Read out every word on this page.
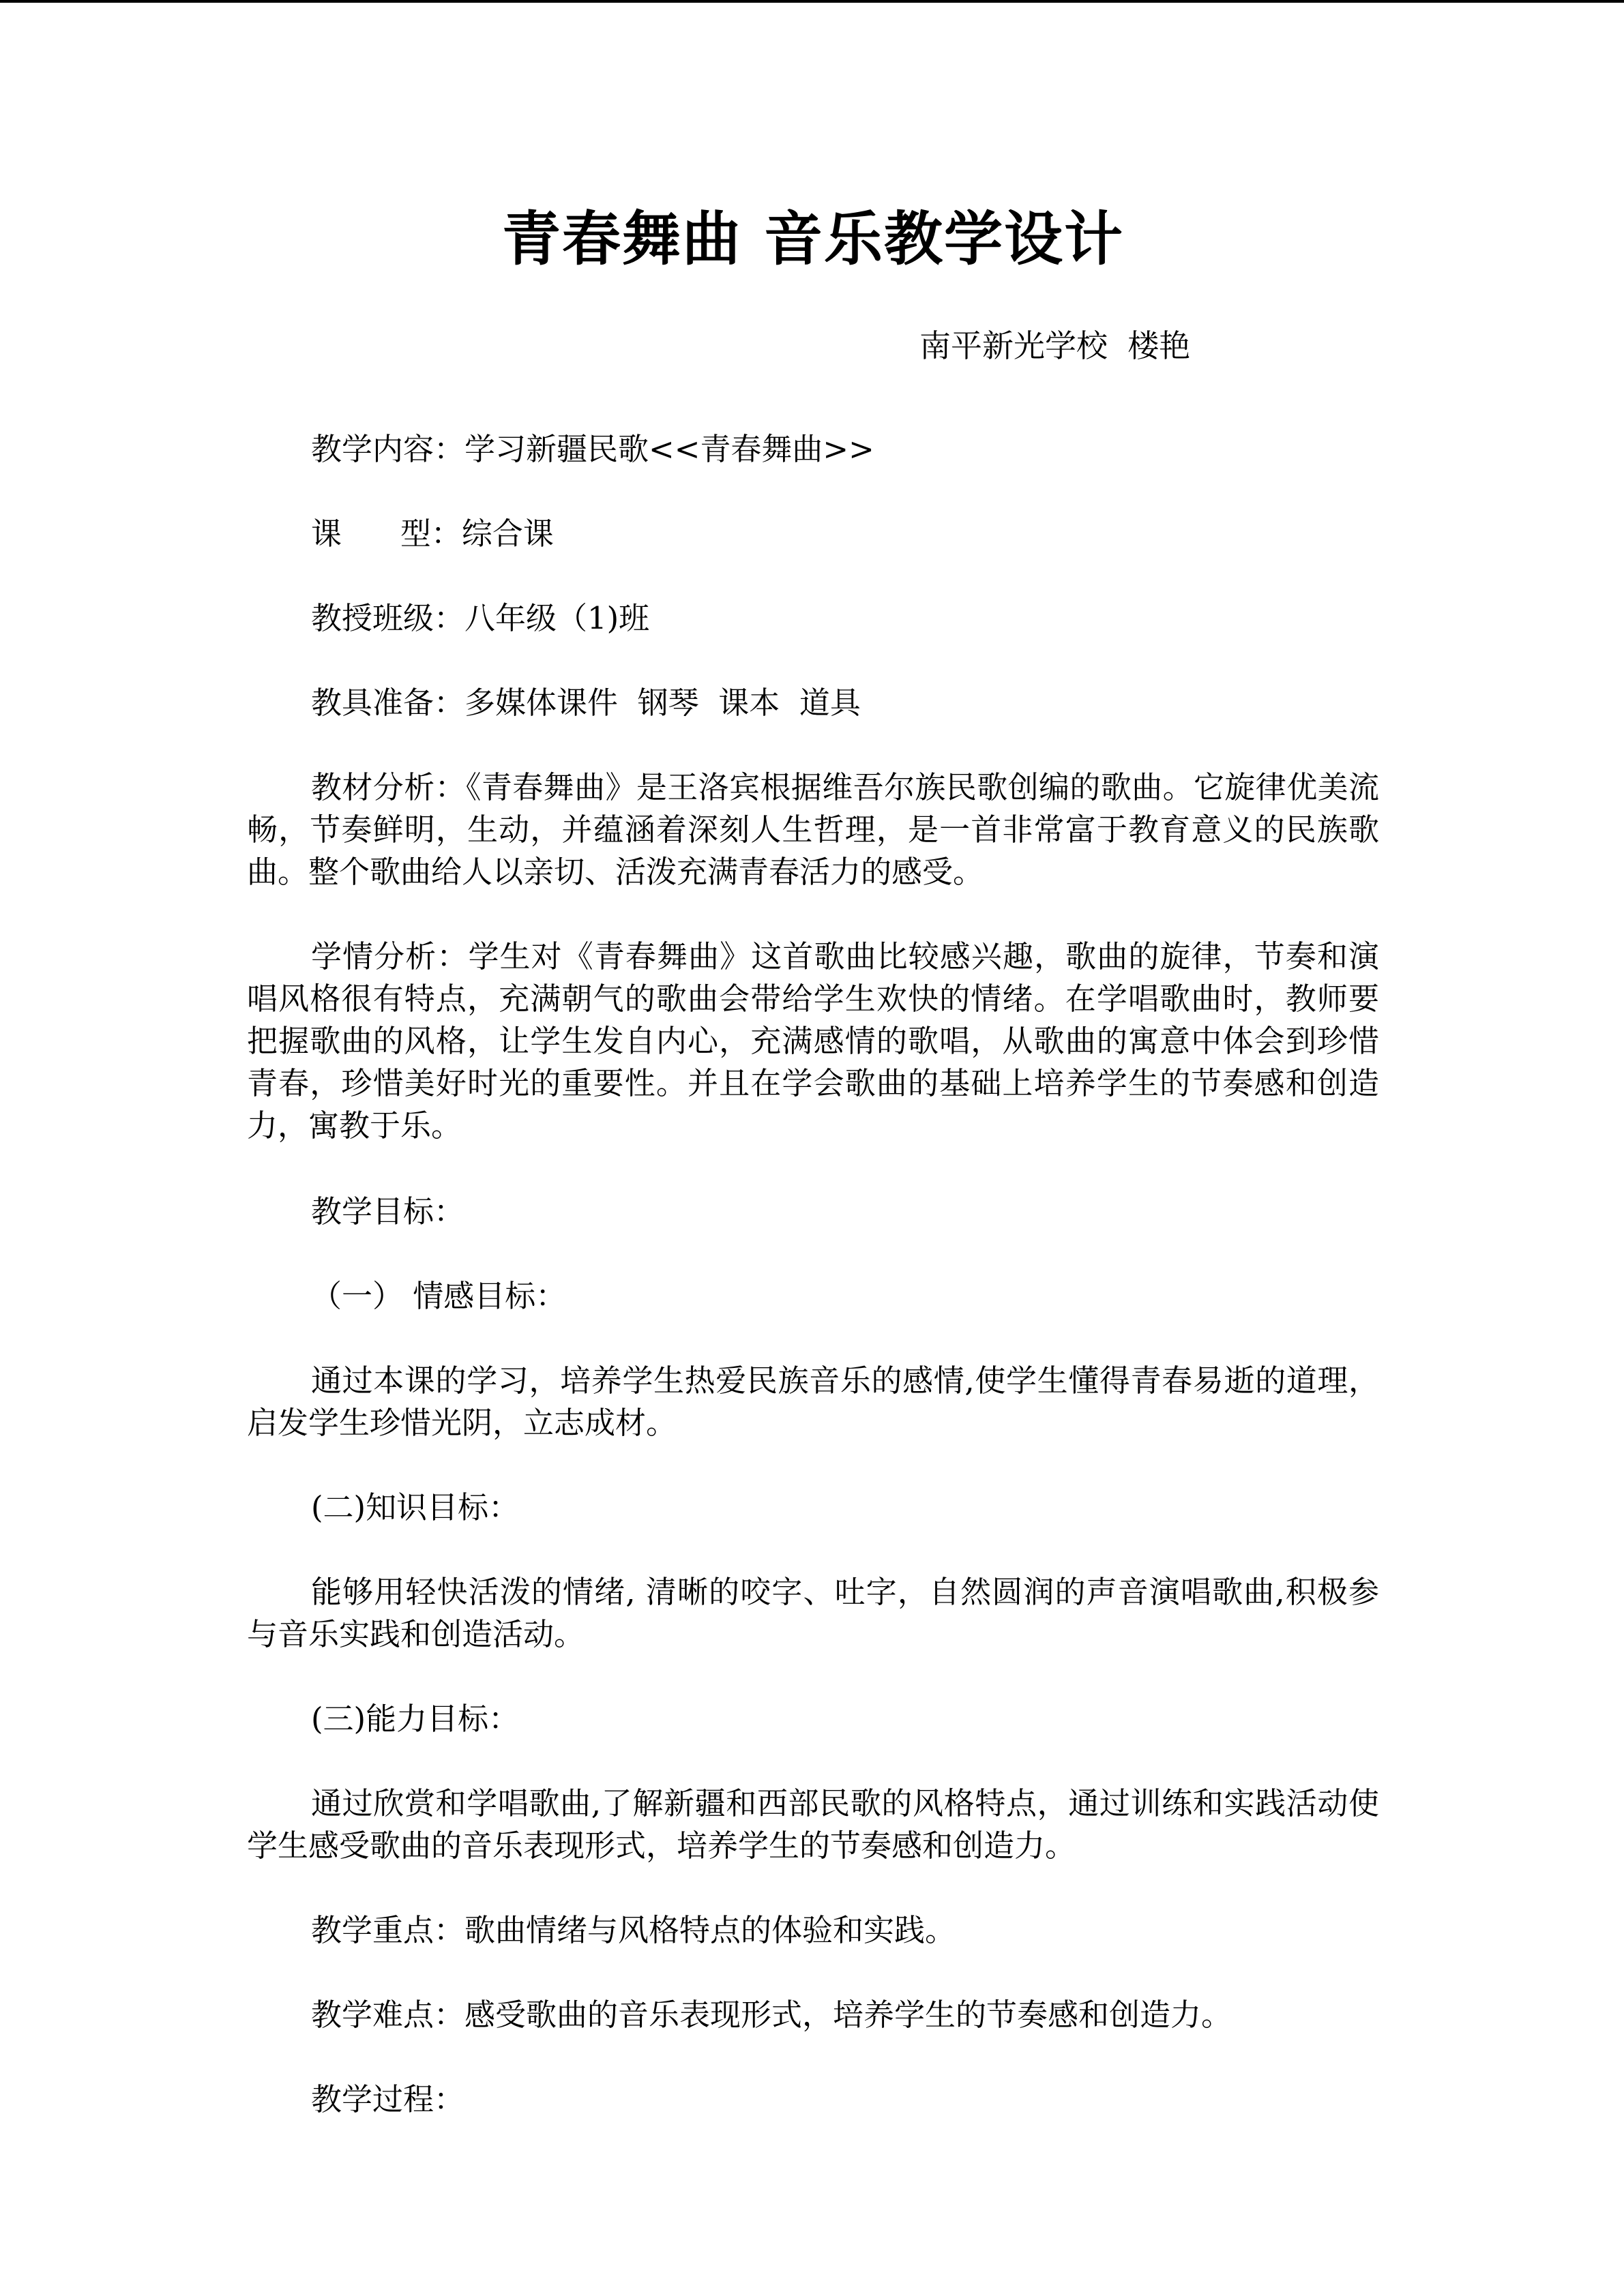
青春舞曲 音乐教学设计
南平新光学校  楼艳

教学内容：学习新疆民歌<<青春舞曲>>

课      型：综合课

教授班级：八年级（1)班

教具准备：多媒体课件  钢琴  课本  道具

教材分析：《青春舞曲》是王洛宾根据维吾尔族民歌创编的歌曲。它旋律优美流畅，节奏鲜明，生动，并蕴涵着深刻人生哲理，是一首非常富于教育意义的民族歌曲。整个歌曲给人以亲切、活泼充满青春活力的感受。

学情分析：学生对《青春舞曲》这首歌曲比较感兴趣，歌曲的旋律，节奏和演唱风格很有特点，充满朝气的歌曲会带给学生欢快的情绪。在学唱歌曲时，教师要把握歌曲的风格，让学生发自内心，充满感情的歌唱，从歌曲的寓意中体会到珍惜青春，珍惜美好时光的重要性。并且在学会歌曲的基础上培养学生的节奏感和创造力，寓教于乐。

教学目标：

（一） 情感目标：

通过本课的学习，培养学生热爱民族音乐的感情,使学生懂得青春易逝的道理，启发学生珍惜光阴，立志成材。

(二)知识目标：

能够用轻快活泼的情绪, 清晰的咬字、吐字，自然圆润的声音演唱歌曲,积极参与音乐实践和创造活动。

(三)能力目标：

通过欣赏和学唱歌曲,了解新疆和西部民歌的风格特点，通过训练和实践活动使学生感受歌曲的音乐表现形式，培养学生的节奏感和创造力。

教学重点：歌曲情绪与风格特点的体验和实践。

教学难点：感受歌曲的音乐表现形式，培养学生的节奏感和创造力。

教学过程：
